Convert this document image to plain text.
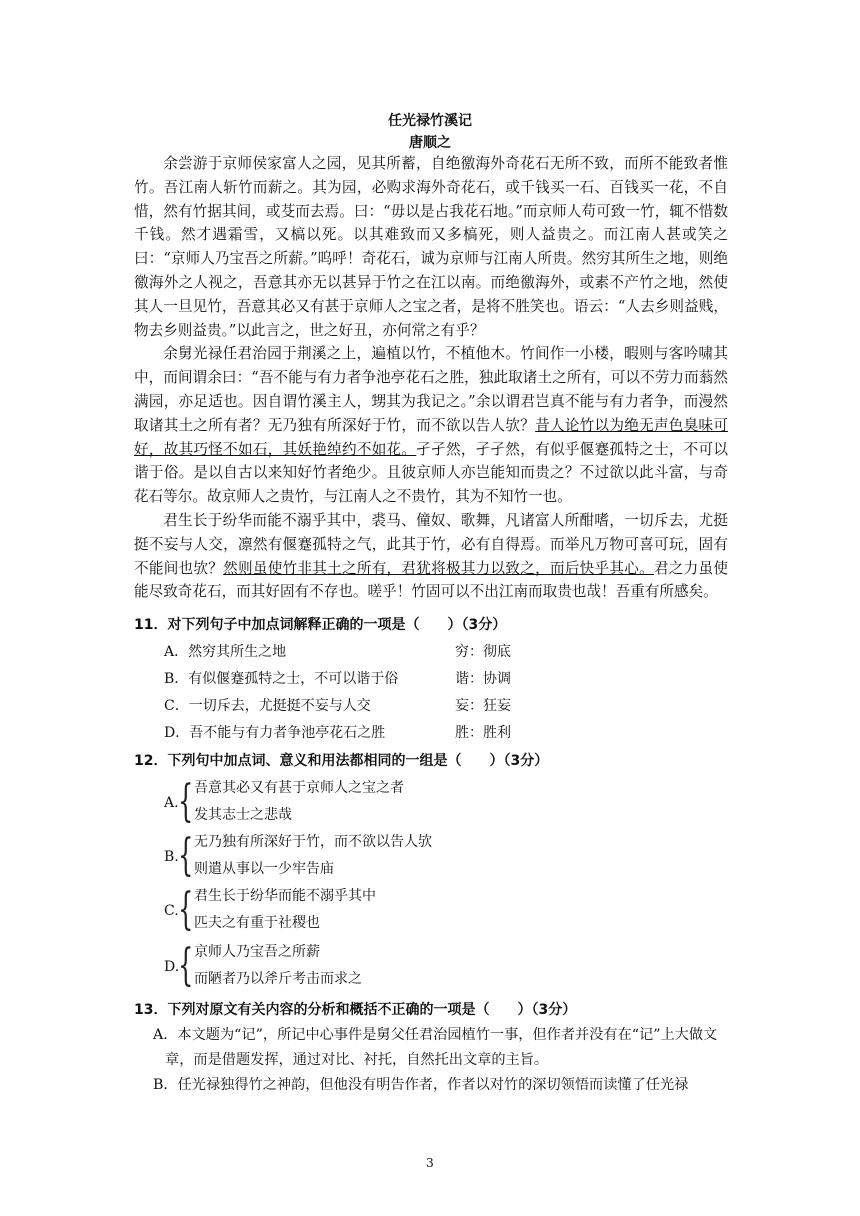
任光禄竹溪记
唐顺之

余尝游于京师侯家富人之园，见其所蓄，自绝徼海外奇花石无所不致，而所不能致者惟竹。吾江南人斩竹而薪之。其为园，必购求海外奇花石，或千钱买一石、百钱买一花，不自惜，然有竹据其间，或芟而去焉。曰：“毋以是占我花石地。”而京师人苟可致一竹，辄不惜数千钱。然才遇霜雪，又槁以死。以其难致而又多槁死，则人益贵之。而江南人甚或笑之曰：“京师人乃宝吾之所薪。”呜呼！奇花石，诚为京师与江南人所贵。然穷其所生之地，则绝徼海外之人视之，吾意其亦无以甚异于竹之在江以南。而绝徼海外，或素不产竹之地，然使其人一旦见竹，吾意其必又有甚于京师人之宝之者，是将不胜笑也。语云：“人去乡则益贱，物去乡则益贵。”以此言之，世之好丑，亦何常之有乎？

余舅光禄任君治园于荆溪之上，遍植以竹，不植他木。竹间作一小楼，暇则与客吟啸其中，而间谓余曰：“吾不能与有力者争池亭花石之胜，独此取诸土之所有，可以不劳力而蓊然满园，亦足适也。因自谓竹溪主人，甥其为我记之。”余以谓君岂真不能与有力者争，而漫然取诸其土之所有者？无乃独有所深好于竹，而不欲以告人欤？昔人论竹以为绝无声色臭味可好，故其巧怪不如石，其妖艳绰约不如花。孑孑然，孑孑然，有似乎偃蹇孤特之士，不可以谐于俗。是以自古以来知好竹者绝少。且彼京师人亦岂能知而贵之？不过欲以此斗富，与奇花石等尔。故京师人之贵竹，与江南人之不贵竹，其为不知竹一也。

君生长于纷华而能不溺乎其中，裘马、僮奴、歌舞，凡诸富人所酣嗜，一切斥去，尤挺挺不妄与人交，凛然有偃蹇孤特之气，此其于竹，必有自得焉。而举凡万物可喜可玩，固有不能间也欤？然则虽使竹非其土之所有，君犹将极其力以致之，而后快乎其心。君之力虽使能尽致奇花石，而其好固有不存也。嗟乎！竹固可以不出江南而取贵也哉！吾重有所感矣。

11．对下列句子中加点词解释正确的一项是（　　）（3分）
A．然穷其所生之地	穷：彻底
B．有似偃蹇孤特之士，不可以谐于俗	谐：协调
C．一切斥去，尤挺挺不妄与人交	妄：狂妄
D．吾不能与有力者争池亭花石之胜	胜：胜利
12．下列句中加点词、意义和用法都相同的一组是（　　）（3分）
A. { 吾意其必又有甚于京师人之宝之者
发其志士之悲哉
B. { 无乃独有所深好于竹，而不欲以告人欤
则遣从事以一少牢告庙
C. { 君生长于纷华而能不溺乎其中
匹夫之有重于社稷也
D.
{ 京师人乃宝吾之所薪
而陋者乃以斧斤考击而求之
13．下列对原文有关内容的分析和概括不正确的一项是（　　）（3分）

A．本文题为“记”，所记中心事件是舅父任君治园植竹一事，但作者并没有在“记”上大做文章，而是借题发挥，通过对比、衬托，自然托出文章的主旨。

B．任光禄独得竹之神韵，但他没有明告作者，作者以对竹的深切领悟而读懂了任光禄

3
